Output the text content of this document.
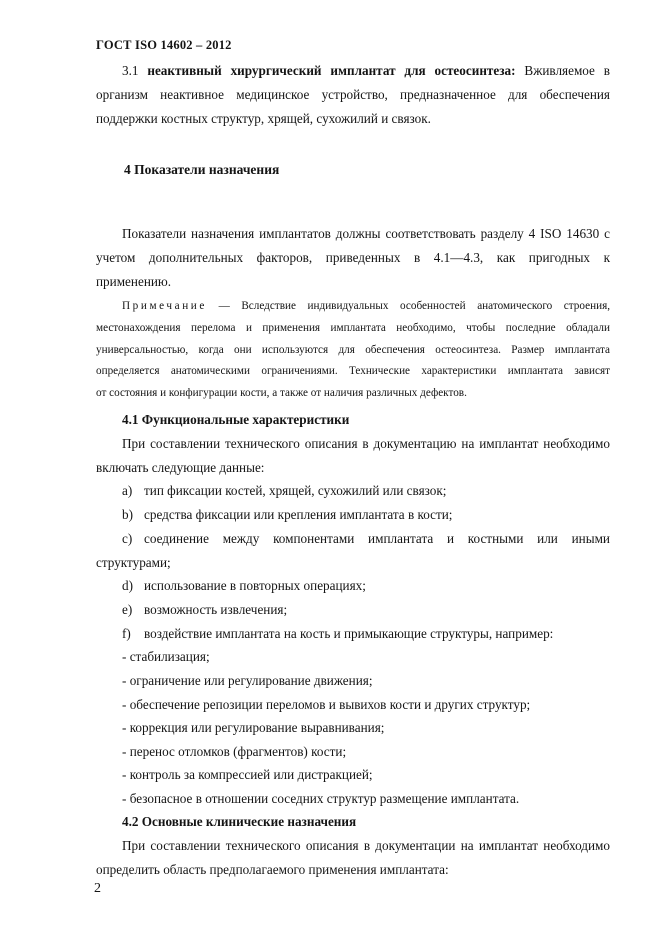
ГОСТ ISO 14602 – 2012
3.1 неактивный хирургический имплантат для остеосинтеза: Вживляемое в
организм неактивное медицинское устройство, предназначенное для обеспечения
поддержки костных структур, хрящей, сухожилий и связок.
4 Показатели назначения
Показатели назначения имплантатов должны соответствовать разделу 4 ISO 14630 с
учетом дополнительных факторов, приведенных в 4.1—4.3, как пригодных к
применению.
Примечание — Вследствие индивидуальных особенностей анатомического строения,
местонахождения перелома и применения имплантата необходимо, чтобы последние обладали
универсальностью, когда они используются для обеспечения остеосинтеза. Размер имплантата
определяется анатомическими ограничениями. Технические характеристики имплантата зависят
от состояния и конфигурации кости, а также от наличия различных дефектов.
4.1 Функциональные характеристики
При составлении технического описания в документацию на имплантат необходимо
включать следующие данные:
a) тип фиксации костей, хрящей, сухожилий или связок;
b) средства фиксации или крепления имплантата в кости;
c) соединение между компонентами имплантата и костными или иными
структурами;
d) использование в повторных операциях;
e) возможность извлечения;
f) воздействие имплантата на кость и примыкающие структуры, например:
- стабилизация;
- ограничение или регулирование движения;
- обеспечение репозиции переломов и вывихов кости и других структур;
- коррекция или регулирование выравнивания;
- перенос отломков (фрагментов) кости;
- контроль за компрессией или дистракцией;
- безопасное в отношении соседних структур размещение имплантата.
4.2 Основные клинические назначения
При составлении технического описания в документации на имплантат необходимо
определить область предполагаемого применения имплантата:
2
